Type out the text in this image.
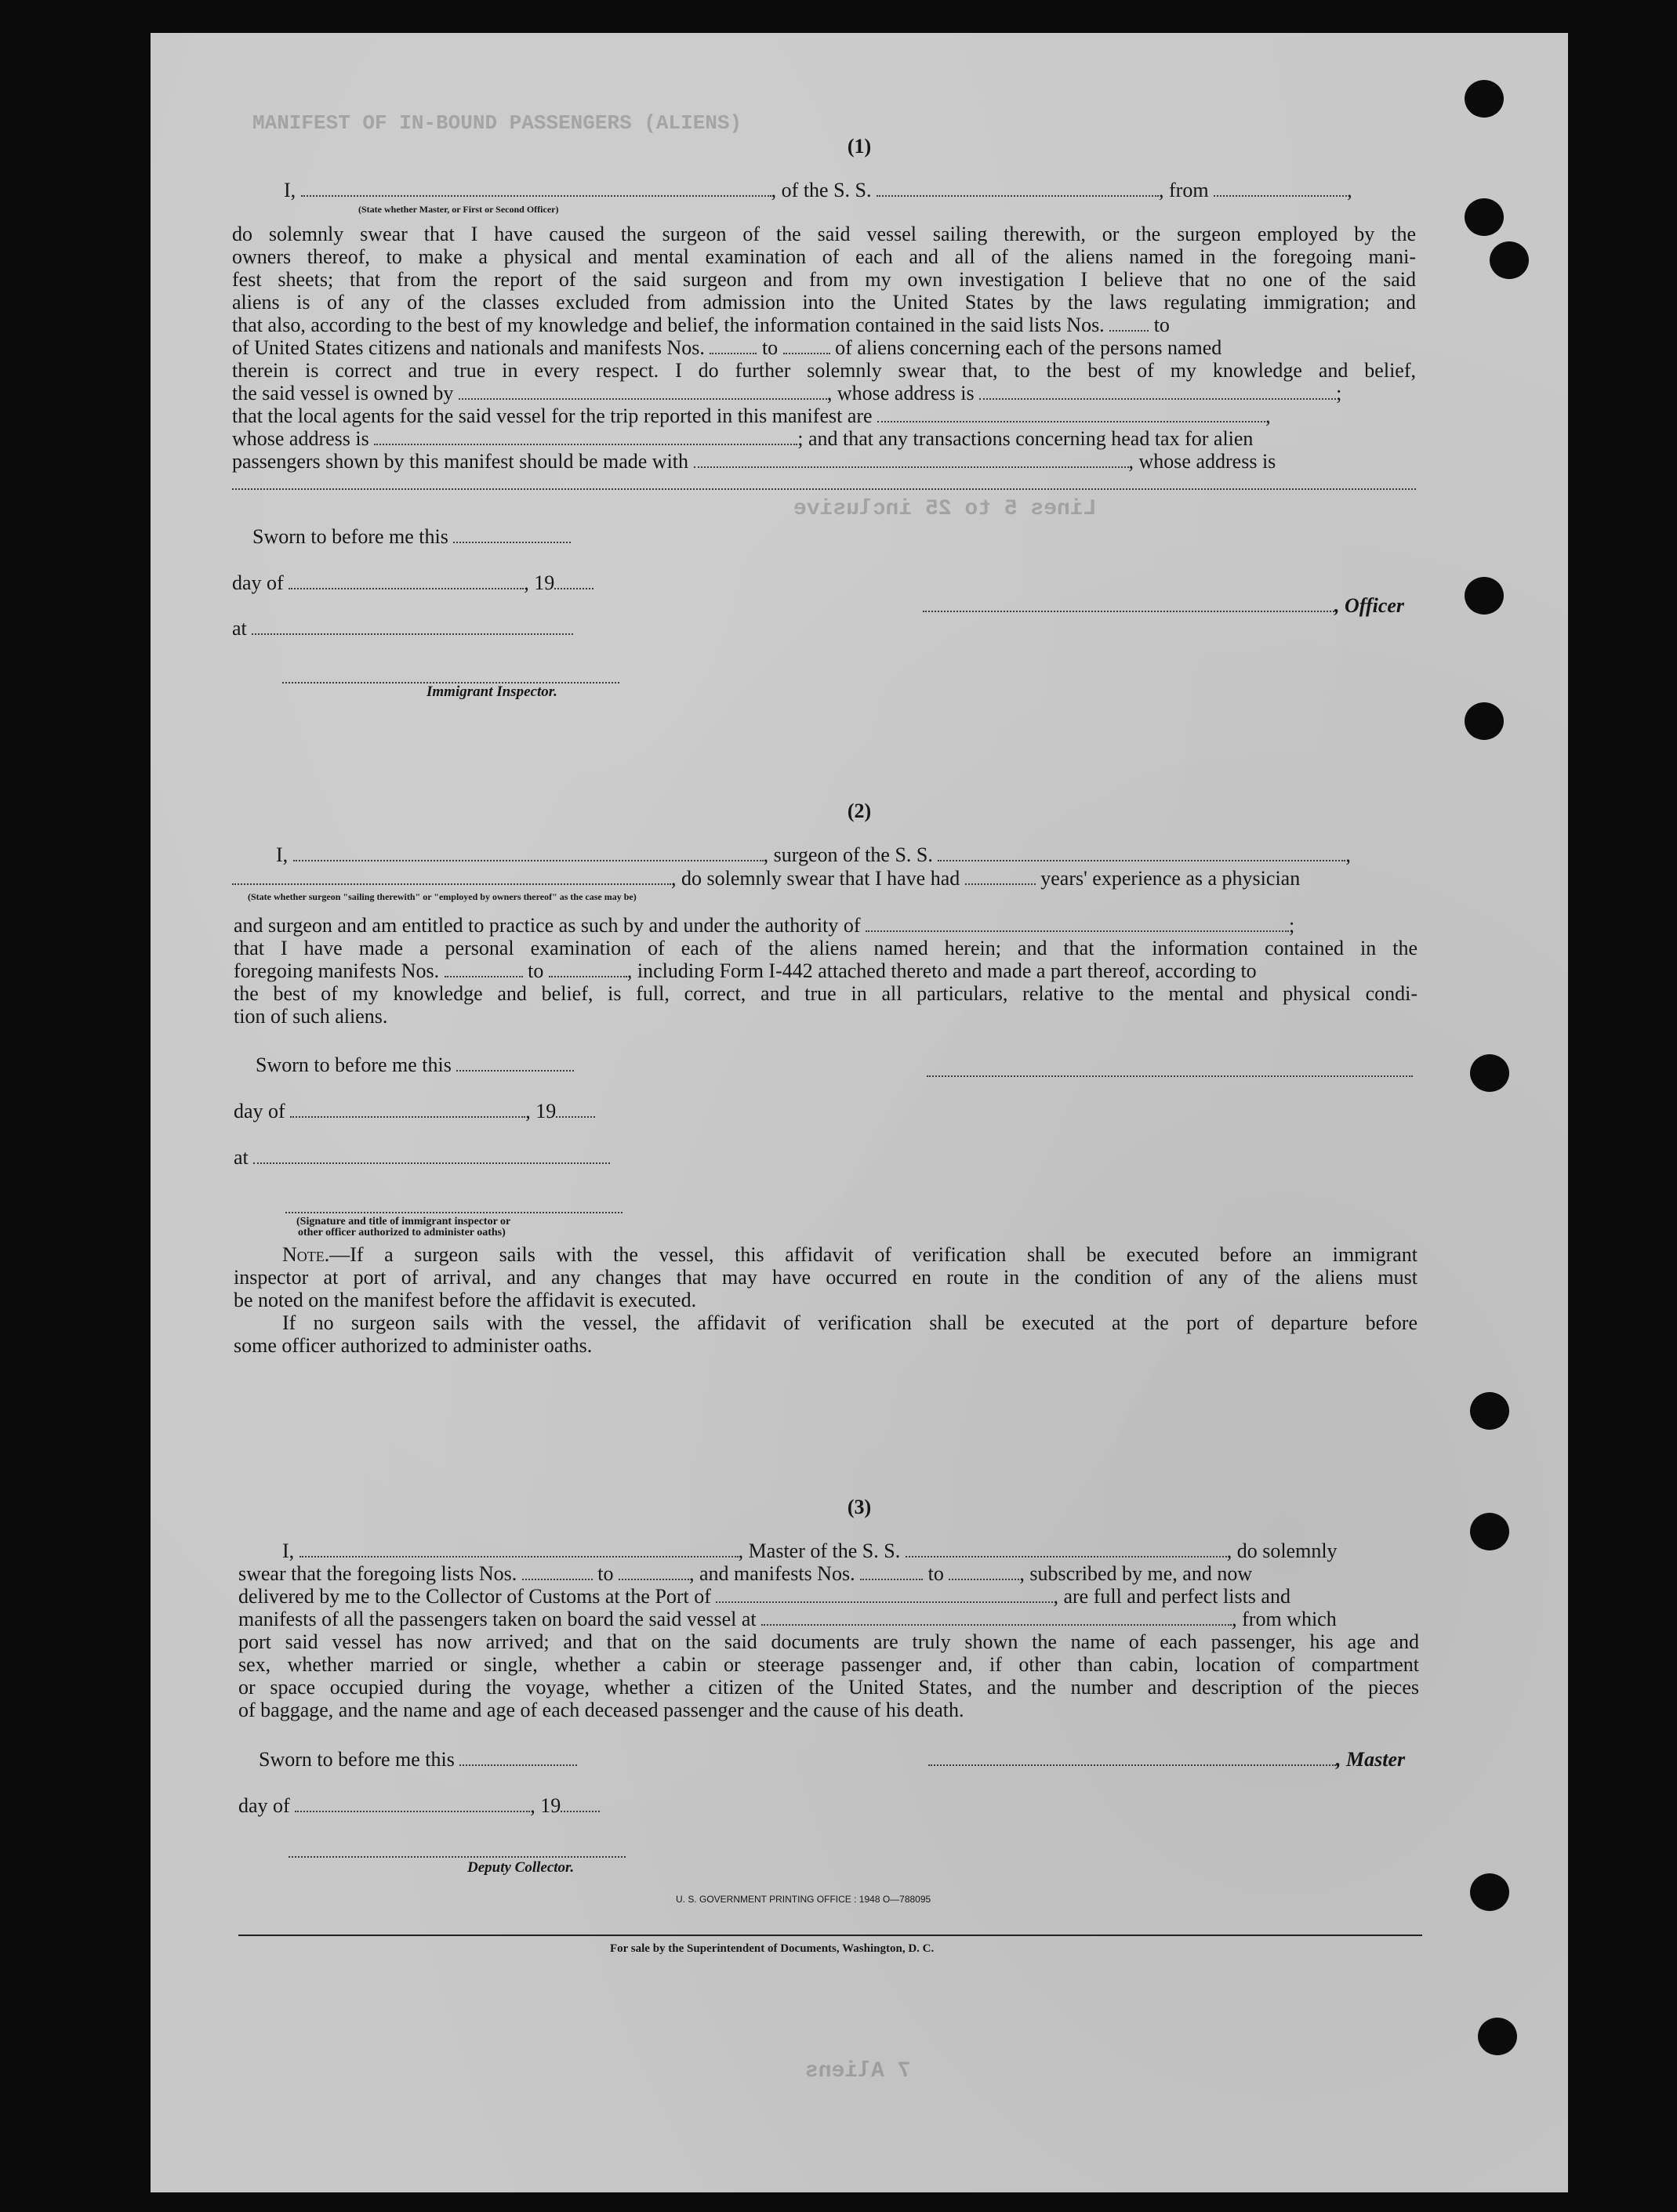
MANIFEST OF IN-BOUND PASSENGERS (ALIENS)
Lines 5 to 25 inclusive
7 Aliens
(1)
I,	, of the S. S.	, from	,
(State whether Master, or First or Second Officer)
do solemnly swear that I have caused the surgeon of the said vessel sailing therewith, or the surgeon employed by the
owners thereof, to make a physical and mental examination of each and all of the aliens named in the foregoing mani-
fest sheets; that from the report of the said surgeon and from my own investigation I believe that no one of the said
aliens is of any of the classes excluded from admission into the United States by the laws regulating immigration; and
that also, according to the best of my knowledge and belief, the information contained in the said lists Nos. to
of United States citizens and nationals and manifests Nos.	to	of aliens concerning each of the persons named
therein is correct and true in every respect. I do further solemnly swear that, to the best of my knowledge and belief,
the said vessel is owned by	, whose address is	;
that the local agents for the said vessel for the trip reported in this manifest are	,
whose address is	; and that any transactions concerning head tax for alien
passengers shown by this manifest should be made with	, whose address is
Sworn to before me this
day of	, 19
at
, Officer
Immigrant Inspector.
(2)
I,	, surgeon of the S. S.	,
, do solemnly swear that I have had	years' experience as a physician
(State whether surgeon "sailing therewith" or "employed by owners thereof" as the case may be)
and surgeon and am entitled to practice as such by and under the authority of	;
that I have made a personal examination of each of the aliens named herein; and that the information contained in the
foregoing manifests Nos.	to	, including Form I-442 attached thereto and made a part thereof, according to
the best of my knowledge and belief, is full, correct, and true in all particulars, relative to the mental and physical condi-
tion of such aliens.
Sworn to before me this
day of	, 19
at
(Signature and title of immigrant inspector or
other officer authorized to administer oaths)
Note.—If a surgeon sails with the vessel, this affidavit of verification shall be executed before an immigrant
inspector at port of arrival, and any changes that may have occurred en route in the condition of any of the aliens must
be noted on the manifest before the affidavit is executed.
If no surgeon sails with the vessel, the affidavit of verification shall be executed at the port of departure before
some officer authorized to administer oaths.
(3)
I,	, Master of the S. S.	, do solemnly
swear that the foregoing lists Nos.	to	, and manifests Nos.	to	, subscribed by me, and now
delivered by me to the Collector of Customs at the Port of	, are full and perfect lists and
manifests of all the passengers taken on board the said vessel at	, from which
port said vessel has now arrived; and that on the said documents are truly shown the name of each passenger, his age and
sex, whether married or single, whether a cabin or steerage passenger and, if other than cabin, location of compartment
or space occupied during the voyage, whether a citizen of the United States, and the number and description of the pieces
of baggage, and the name and age of each deceased passenger and the cause of his death.
Sworn to before me this	, Master
day of	, 19
Deputy Collector.
U. S. GOVERNMENT PRINTING OFFICE : 1948 O—788095
For sale by the Superintendent of Documents, Washington, D. C.
